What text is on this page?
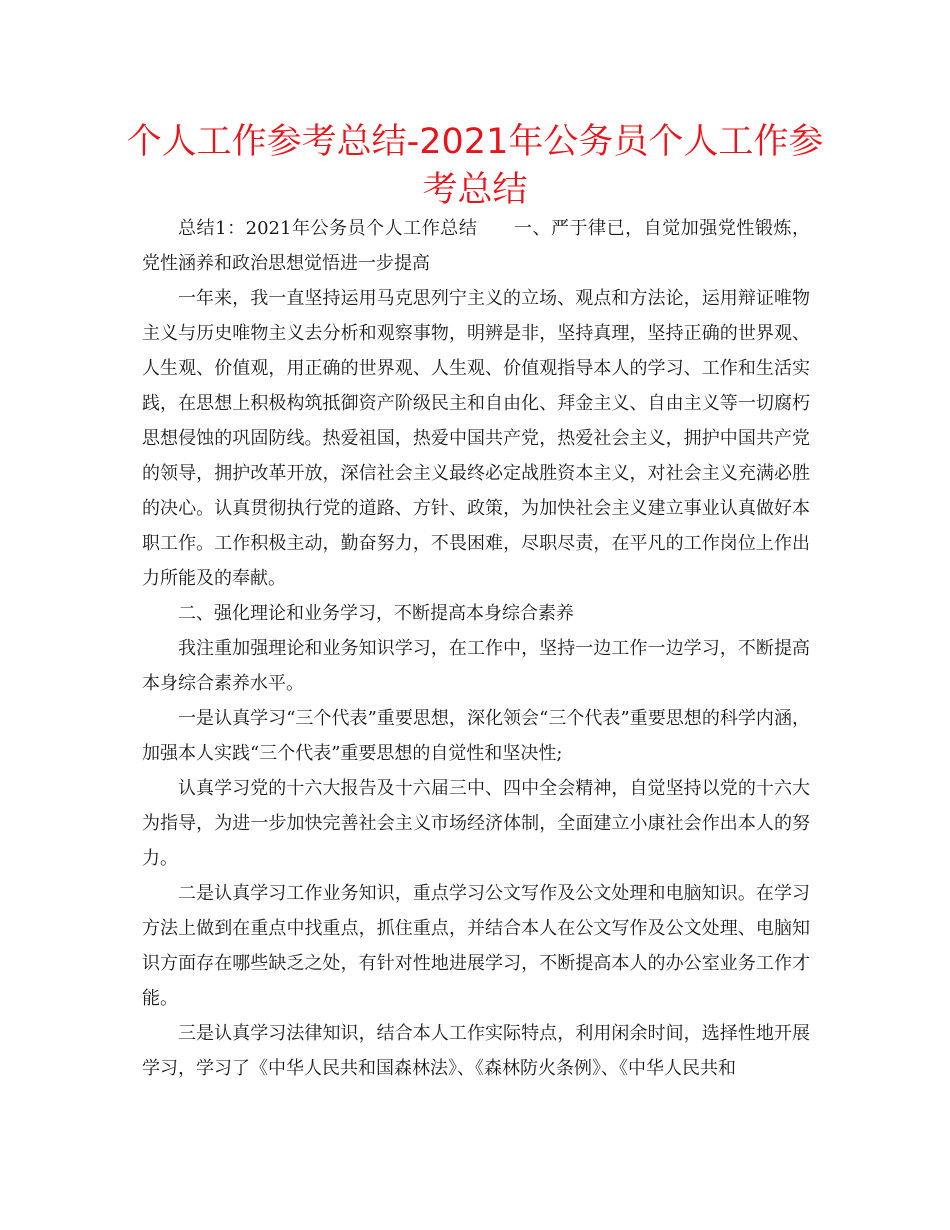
个人工作参考总结-2021年公务员个人工作参考总结

总结1：2021年公务员个人工作总结 一、严于律已，自觉加强党性锻炼，党性涵养和政治思想觉悟进一步提高

一年来，我一直坚持运用马克思列宁主义的立场、观点和方法论，运用辩证唯物主义与历史唯物主义去分析和观察事物，明辨是非，坚持真理，坚持正确的世界观、人生观、价值观，用正确的世界观、人生观、价值观指导本人的学习、工作和生活实践，在思想上积极构筑抵御资产阶级民主和自由化、拜金主义、自由主义等一切腐朽思想侵蚀的巩固防线。热爱祖国，热爱中国共产党，热爱社会主义，拥护中国共产党的领导，拥护改革开放，深信社会主义最终必定战胜资本主义，对社会主义充满必胜的决心。认真贯彻执行党的道路、方针、政策，为加快社会主义建立事业认真做好本职工作。工作积极主动，勤奋努力，不畏困难，尽职尽责，在平凡的工作岗位上作出力所能及的奉献。

二、强化理论和业务学习，不断提高本身综合素养

我注重加强理论和业务知识学习，在工作中，坚持一边工作一边学习，不断提高本身综合素养水平。

一是认真学习“三个代表”重要思想，深化领会“三个代表”重要思想的科学内涵，加强本人实践“三个代表”重要思想的自觉性和坚决性;

认真学习党的十六大报告及十六届三中、四中全会精神，自觉坚持以党的十六大为指导，为进一步加快完善社会主义市场经济体制，全面建立小康社会作出本人的努力。

二是认真学习工作业务知识，重点学习公文写作及公文处理和电脑知识。在学习方法上做到在重点中找重点，抓住重点，并结合本人在公文写作及公文处理、电脑知识方面存在哪些缺乏之处，有针对性地进展学习，不断提高本人的办公室业务工作才能。

三是认真学习法律知识，结合本人工作实际特点，利用闲余时间，选择性地开展学习，学习了《中华人民共和国森林法》、《森林防火条例》、《中华人民共和
